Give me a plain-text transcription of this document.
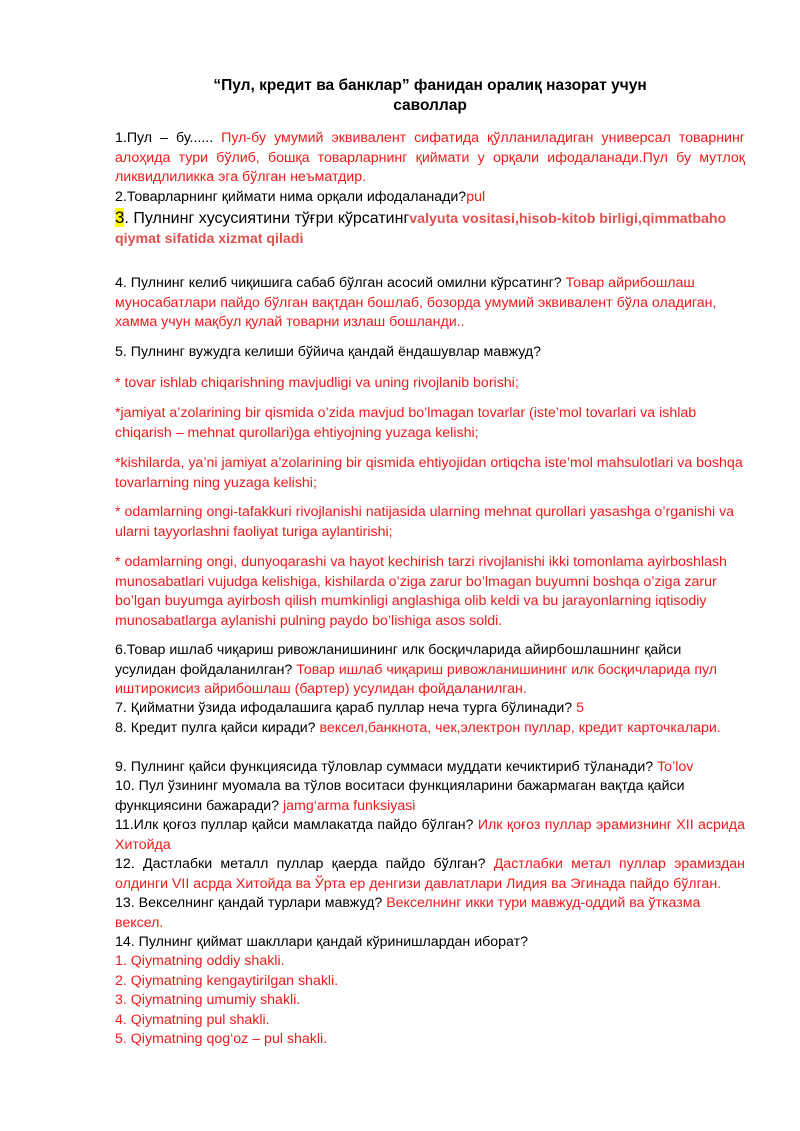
“Пул, кредит ва банклар” фанидан оралиқ назорат учун
саволлар
1.Пул – бу...... Пул-бу умумий эквивалент сифатида қўлланиладиган универсал товарнинг алоҳида тури бўлиб, бошқа товарларнинг қиймати у орқали ифодаланади.Пул бу мутлоқ ликвидлиликка эга бўлган неъматдир.
2.Товарларнинг қиймати нима орқали ифодаланади?pul
3. Пулнинг хусусиятини тўғри кўрсатингvalyuta vositasi,hisob-kitob birligi,qimmatbaho qiymat sifatida xizmat qiladi
4. Пулнинг келиб чиқишига сабаб бўлган асосий омилни кўрсатинг? Товар айрибошлаш муносабатлари пайдо бўлган вақтдан бошлаб, бозорда умумий эквивалент бўла оладиган, хамма учун мақбул қулай товарни излаш бошланди..
5. Пулнинг вужудга келиши бўйича қандай ёндашувлар мавжуд?
* tovar ishlab chiqarishning mavjudligi va uning rivojlanib borishi;
*jamiyat a’zolarining bir qismida o’zida mavjud bo’lmagan tovarlar (iste’mol tovarlari va ishlab chiqarish – mehnat qurollari)ga ehtiyojning yuzaga kelishi;
*kishilarda, ya’ni jamiyat a’zolarining bir qismida ehtiyojidan ortiqcha iste’mol mahsulotlari va boshqa tovarlarning ning yuzaga kelishi;
* odamlarning ongi-tafakkuri rivojlanishi natijasida ularning mehnat qurollari yasashga o’rganishi va ularni tayyorlashni faoliyat turiga aylantirishi;
* odamlarning ongi, dunyoqarashi va hayot kechirish tarzi rivojlanishi ikki tomonlama ayirboshlash munosabatlari vujudga kelishiga, kishilarda o’ziga zarur bo’lmagan buyumni boshqa o’ziga zarur bo’lgan buyumga ayirbosh qilish mumkinligi anglashiga olib keldi va bu jarayonlarning iqtisodiy munosabatlarga aylanishi pulning paydo bo’lishiga asos soldi.
6.Товар ишлаб чиқариш ривожланишининг илк босқичларида айирбошлашнинг қайси усулидан фойдаланилган? Товар ишлаб чиқариш ривожланишининг илк босқичларида пул иштирокисиз айрибошлаш (бартер) усулидан фойдаланилган.
7. Қийматни ўзида ифодалашига қараб пуллар неча турга бўлинади? 5
8. Кредит пулга қайси киради? вексел,банкнота, чек,электрон пуллар, кредит карточкалари.
9. Пулнинг қайси функциясида тўловлар суммаси муддати кечиктириб тўланади? To’lov
10. Пул ўзининг муомала ва тўлов воситаси функцияларини бажармаган вақтда қайси функциясини бажаради? jamg‘arma funksiyasi
11.Илк қоғоз пуллар қайси мамлакатда пайдо бўлган? Илк қоғоз пуллар эрамизнинг XII асрида Хитойда
12. Дастлабки металл пуллар қаерда пайдо бўлган? Дастлабки метал пуллар эрамиздан олдинги VII асрда Хитойда ва Ўрта ер денгизи давлатлари Лидия ва Эгинада пайдо бўлган.
13. Векселнинг қандай турлари мавжуд? Векселнинг икки тури мавжуд-оддий ва ўтказма вексел.
14. Пулнинг қиймат шакллари қандай кўринишлардан иборат?
1. Qiymatning oddiy shakli.
2. Qiymatning kengaytirilgan shakli.
3. Qiymatning umumiy shakli.
4. Qiymatning pul shakli.
5. Qiymatning qog‘oz – pul shakli.
